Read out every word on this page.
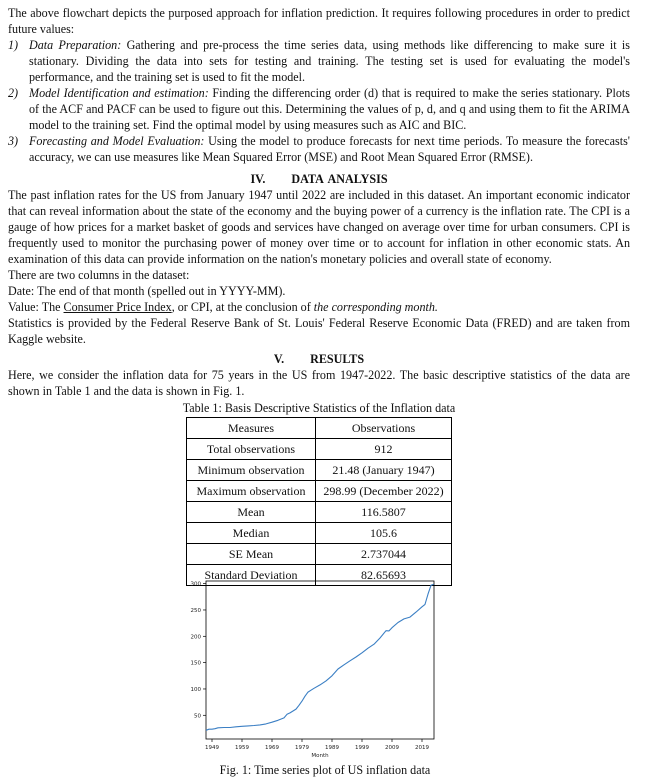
The above flowchart depicts the purposed approach for inflation prediction. It requires following procedures in order to predict future values:

1) Data Preparation: Gathering and pre-process the time series data, using methods like differencing to make sure it is stationary. Dividing the data into sets for testing and training. The testing set is used for evaluating the model's performance, and the training set is used to fit the model.
2) Model Identification and estimation: Finding the differencing order (d) that is required to make the series stationary. Plots of the ACF and PACF can be used to figure out this. Determining the values of p, d, and q and using them to fit the ARIMA model to the training set. Find the optimal model by using measures such as AIC and BIC.
3) Forecasting and Model Evaluation: Using the model to produce forecasts for next time periods. To measure the forecasts' accuracy, we can use measures like Mean Squared Error (MSE) and Root Mean Squared Error (RMSE).
IV. DATA ANALYSIS

The past inflation rates for the US from January 1947 until 2022 are included in this dataset. An important economic indicator that can reveal information about the state of the economy and the buying power of a currency is the inflation rate. The CPI is a gauge of how prices for a market basket of goods and services have changed on average over time for urban consumers. CPI is frequently used to monitor the purchasing power of money over time or to account for inflation in other economic stats. An examination of this data can provide information on the nation's monetary policies and overall state of economy.

There are two columns in the dataset:

Date: The end of that month (spelled out in YYYY-MM).

Value: The Consumer Price Index, or CPI, at the conclusion of the corresponding month.

Statistics is provided by the Federal Reserve Bank of St. Louis' Federal Reserve Economic Data (FRED) and are taken from Kaggle website.

V. RESULTS

Here, we consider the inflation data for 75 years in the US from 1947-2022. The basic descriptive statistics of the data are shown in Table 1 and the data is shown in Fig. 1.

Table 1: Basis Descriptive Statistics of the Inflation data
Measures	Observations
Total observations	912
Minimum observation	21.48 (January 1947)
Maximum observation	298.99 (December 2022)
Mean	116.5807
Median	105.6
SE Mean	2.737044
Standard Deviation	82.65693
50
100
150
200
250
300
1949	1959	1969	1979	1989	1999	2009	2019
Month
Fig. 1: Time series plot of US inflation data
